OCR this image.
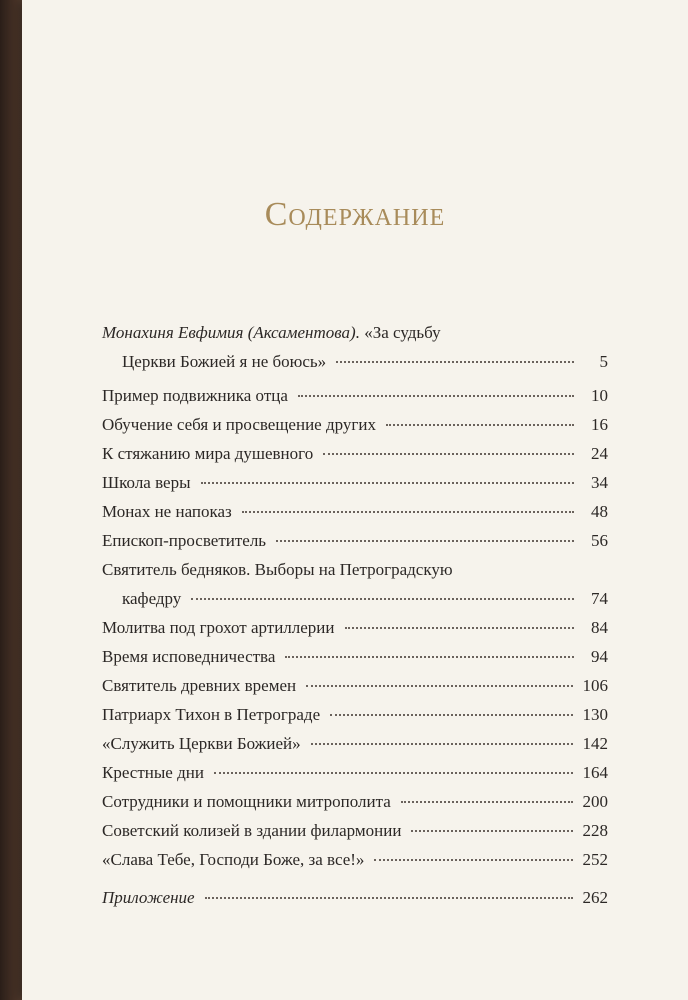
Содержание
Монахиня Евфимия (Аксаментова). «За судьбу
Церкви Божией я не боюсь»	5
Пример подвижника отца	10
Обучение себя и просвещение других	16
К стяжанию мира душевного	24
Школа веры	34
Монах не напоказ	48
Епископ-просветитель	56
Святитель бедняков. Выборы на Петроградскую
кафедру	74
Молитва под грохот артиллерии	84
Время исповедничества	94
Святитель древних времен	106
Патриарх Тихон в Петрограде	130
«Служить Церкви Божией»	142
Крестные дни	164
Сотрудники и помощники митрополита	200
Советский колизей в здании филармонии	228
«Слава Тебе, Господи Боже, за все!»	252
Приложение	262
